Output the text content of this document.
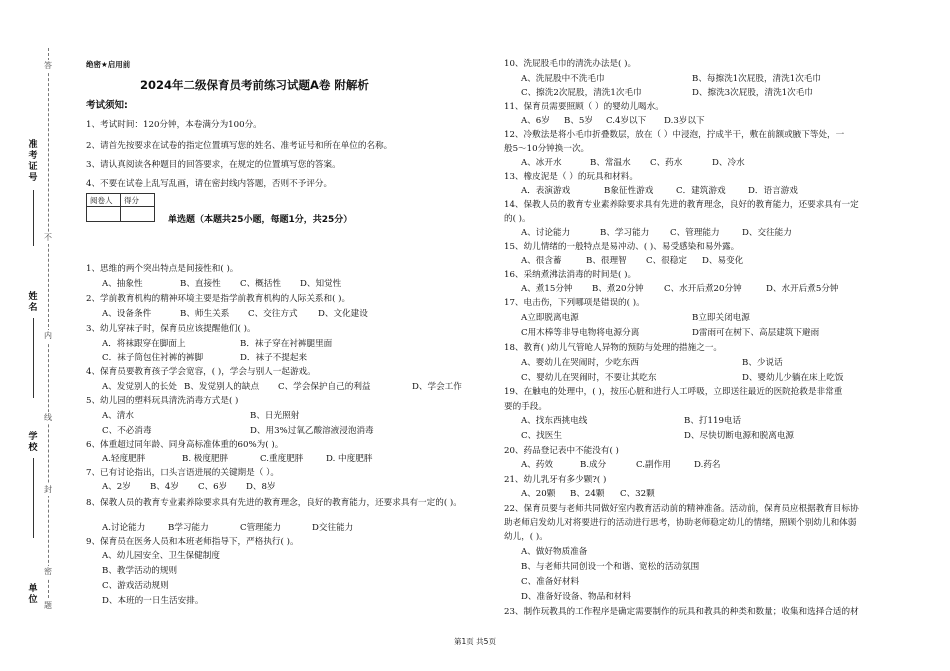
准考证号
姓名
学校
单位
答
不
内
线
封
密
题
绝密★启用前
2024年二级保育员考前练习试题A卷 附解析
考试须知:
1、考试时间：120分钟，本卷满分为100分。
2、请首先按要求在试卷的指定位置填写您的姓名、准考证号和所在单位的名称。
3、请认真阅读各种题目的回答要求，在规定的位置填写您的答案。
4、不要在试卷上乱写乱画，请在密封线内答题，否则不予评分。
阅卷人	得分

单选题（本题共25小题，每题1分，共25分）
1、思维的两个突出特点是间接性和( )。
A、抽象性	B、直接性 C、概括性 D、知觉性
2、学前教育机构的精神环境主要是指学前教育机构的人际关系和( )。
A、设备条件	B、师生关系 C、交往方式 D、文化建设
3、幼儿穿袜子时，保育员应该提醒他们( )。
A．将袜跟穿在脚面上	B．袜子穿在衬裤腿里面
C．袜子筒包住衬裤的裤脚	D．袜子不提起来
4、保育员要教育孩子学会宽容，( )，学会与别人一起游戏。
A、发觉别人的长处 B、发觉别人的缺点 C、学会保护自己的利益	D、学会工作
5、幼儿园的塑料玩具清洗消毒方式是( )
A、清水	B、日光照射
C、不必消毒	D、用3%过氧乙酸溶液浸泡消毒
6、体重超过同年龄、同身高标准体重的60%为( )。
A.轻度肥胖	B. 极度肥胖	C.重度肥胖	D. 中度肥胖
7、已有讨论指出，口头言语进展的关键期是（ ）。
A、2岁 B、4岁 C、6岁 D、8岁
8、保教人员的教育专业素养除要求具有先进的教育理念，良好的教育能力，还要求具有一定的( )。
A.讨论能力	B学习能力	C管理能力	D交往能力
9、保育员在医务人员和本班老师指导下，严格执行( )。
A、幼儿园安全、卫生保健制度
B、教学活动的规则
C、游戏活动规则
D、本班的一日生活安排。
10、洗屁股毛巾的清洗办法是( )。
A、洗屁股中不洗毛巾	B、每擦洗1次屁股，清洗1次毛巾
C、擦洗2次屁股，清洗1次毛巾	D、擦洗3次屁股，清洗1次毛巾
11、保育员需要照顾（ ）的婴幼儿喝水。
A、6岁 B、5岁 C.4岁以下 D.3岁以下
12、冷敷法是将小毛巾折叠数层，放在（ ）中浸泡，拧成半干，敷在前额或腋下等处，一
般5～10分钟换一次。
A、冰开水	B、常温水 C、药水	D、冷水
13、橡皮泥是（ ）的玩具和材料。
A．表演游戏	B象征性游戏	C．建筑游戏	D．语言游戏
14、保教人员的教育专业素养除要求具有先进的教育理念，良好的教育能力，还要求具有一定
的( )。
A、讨论能力	B、学习能力 C、管理能力	D、交往能力
15、幼儿情绪的一般特点是易冲动、( )、易受感染和易外露。
A、很含蓄	B、很理智 C、很稳定 D、易变化
16、采纳煮沸法消毒的时间是( )。
A、煮15分钟 B、煮20分钟 C、水开后煮20分钟	D、水开后煮5分钟
17、电击伤，下列哪项是错误的( )。
A立即脱离电源	B立即关闭电源
C用木棒等非导电物将电源分离	D雷雨可在树下、高层建筑下避雨
18、教育( )幼儿气管呛人异物的预防与处理的措施之一。
A、婴幼儿在哭闹时，少吃东西	B、少说话
C、婴幼儿在哭闹时，不要让其吃东	D、婴幼儿少躺在床上吃饭
19、在触电的处理中，( )，按压心脏和进行人工呼吸，立即送往最近的医院抢救是非常重
要的手段。
A、找东西挑电线	B、打119电话
C、找医生	D、尽快切断电源和脱离电源
20、药品登记表中不能没有( )
A、药效	B.成分	C.副作用	D.药名
21、幼儿乳牙有多少颗?( )
A、20颗 B、24颗 C、32颗
22、保育员要与老师共同做好室内教育活动前的精神准备。活动前，保育员应根据教育目标协
助老师启发幼儿对将要进行的活动进行思考，协助老师稳定幼儿的情绪，照顾个别幼儿和体弱
幼儿，( )。
A、做好物质准备
B、与老师共同创设一个和谐、宽松的活动氛围
C、准备好材料
D、准备好设备、物品和材料
23、制作玩教具的工作程序是确定需要制作的玩具和教具的种类和数量；收集和选择合适的材
第1页 共5页
